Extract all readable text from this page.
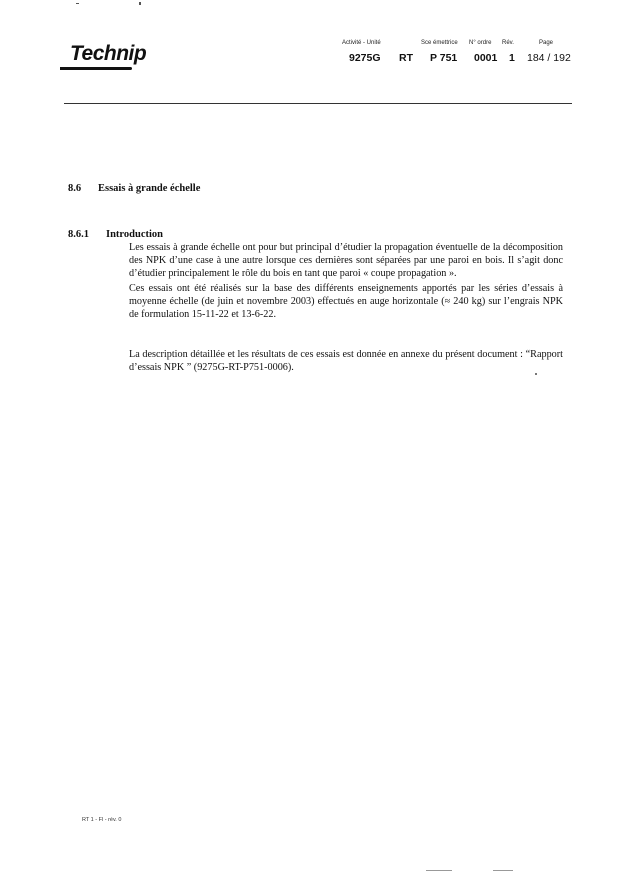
Technip	Activité - Unité	Sce émettrice N° ordre Rév.	Page
9275G RT P 751 0001 1 184 / 192
8.6 Essais à grande échelle
8.6.1 Introduction
Les essais à grande échelle ont pour but principal d’étudier la propagation éventuelle de la décomposition des NPK d’une case à une autre lorsque ces dernières sont séparées par une paroi en bois. Il s’agit donc d’étudier principalement le rôle du bois en tant que paroi « coupe propagation ».
Ces essais ont été réalisés sur la base des différents enseignements apportés par les séries d’essais à moyenne échelle (de juin et novembre 2003) effectués en auge horizontale (≈ 240 kg) sur l’engrais NPK de formulation 15-11-22 et 13-6-22.
La description détaillée et les résultats de ces essais est donnée en annexe du présent document : “Rapport d’essais NPK ” (9275G-RT-P751-0006).
RT 1 - Fl - rév. 0
